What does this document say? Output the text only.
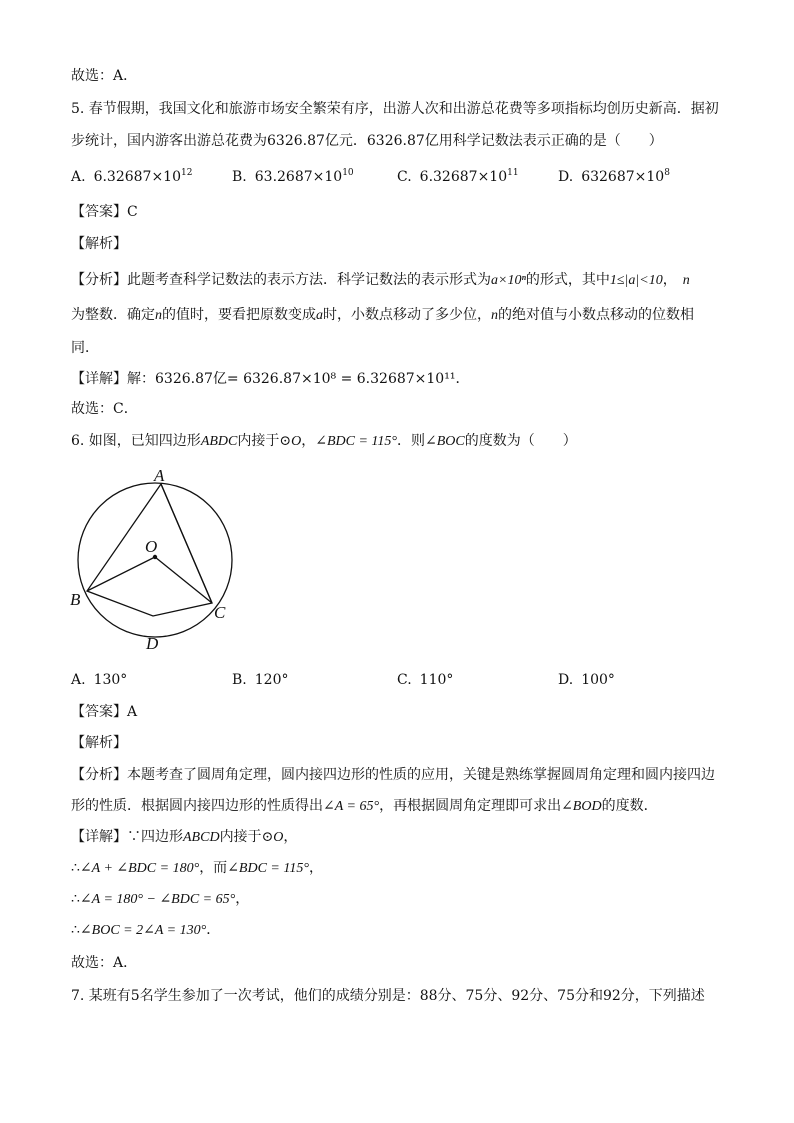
故选：A．
5. 春节假期，我国文化和旅游市场安全繁荣有序，出游人次和出游总花费等多项指标均创历史新高．据初
步统计，国内游客出游总花费为6326.87亿元．6326.87亿用科学记数法表示正确的是（　　）
A. $6.32687\times 10^{12}$	B. $63.2687\times 10^{10}$	C. $6.32687\times 10^{11}$	D. $632687\times 10^8$
【答案】C
【解析】
【分析】此题考查科学记数法的表示方法．科学记数法的表示形式为a×10ⁿ的形式，其中1≤|a|<10， n
为整数．确定n的值时，要看把原数变成a时，小数点移动了多少位，n的绝对值与小数点移动的位数相
同．
【详解】解：6326.87亿= 6326.87×10⁸ = 6.32687×10¹¹．
故选：C．
6. 如图，已知四边形ABDC内接于⊙O，∠BDC = 115°．则∠BOC的度数为（　　）
A
O
B
C
D
A. 130°	B. 120°	C. 110°	D. 100°
【答案】A
【解析】
【分析】本题考查了圆周角定理，圆内接四边形的性质的应用，关键是熟练掌握圆周角定理和圆内接四边
形的性质．根据圆内接四边形的性质得出∠A = 65°，再根据圆周角定理即可求出∠BOD的度数．
【详解】∵四边形ABCD内接于⊙O，
∴∠A + ∠BDC = 180°，而∠BDC = 115°，
∴∠A = 180° − ∠BDC = 65°，
∴∠BOC = 2∠A = 130°．
故选：A．
7. 某班有5名学生参加了一次考试，他们的成绩分别是：88分、75分、92分、75分和92分，下列描述
